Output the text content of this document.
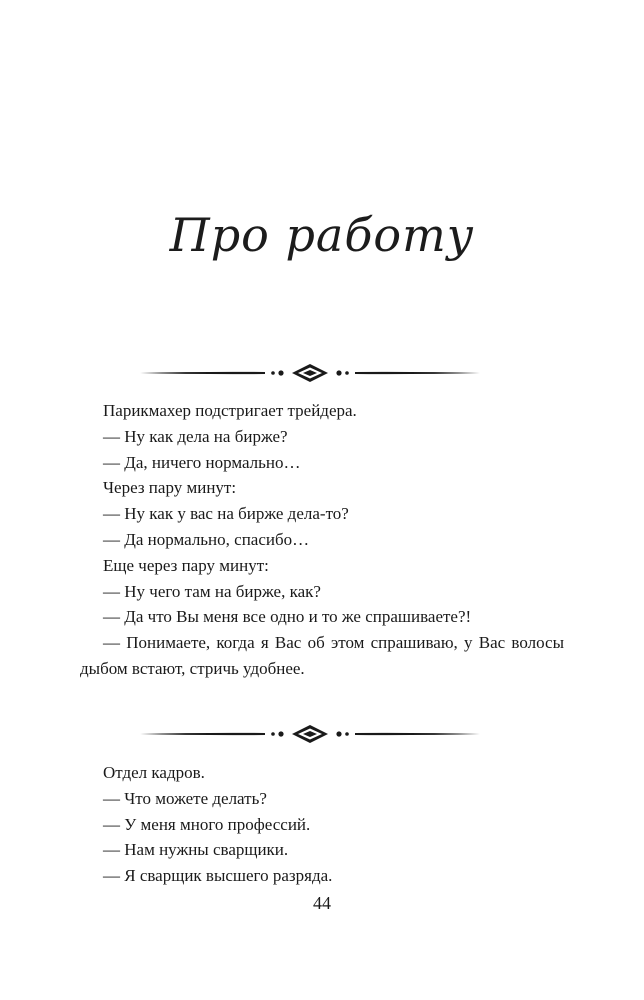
Про работу

Парикмахер подстригает трейдера.

— Ну как дела на бирже?

— Да, ничего нормально…

Через пару минут:

— Ну как у вас на бирже дела-то?

— Да нормально, спасибо…

Еще через пару минут:

— Ну чего там на бирже, как?

— Да что Вы меня все одно и то же спрашиваете?!

— Понимаете, когда я Вас об этом спрашиваю, у Вас волосы дыбом встают, стричь удобнее.

Отдел кадров.

— Что можете делать?

— У меня много профессий.

— Нам нужны сварщики.

— Я сварщик высшего разряда.

44
